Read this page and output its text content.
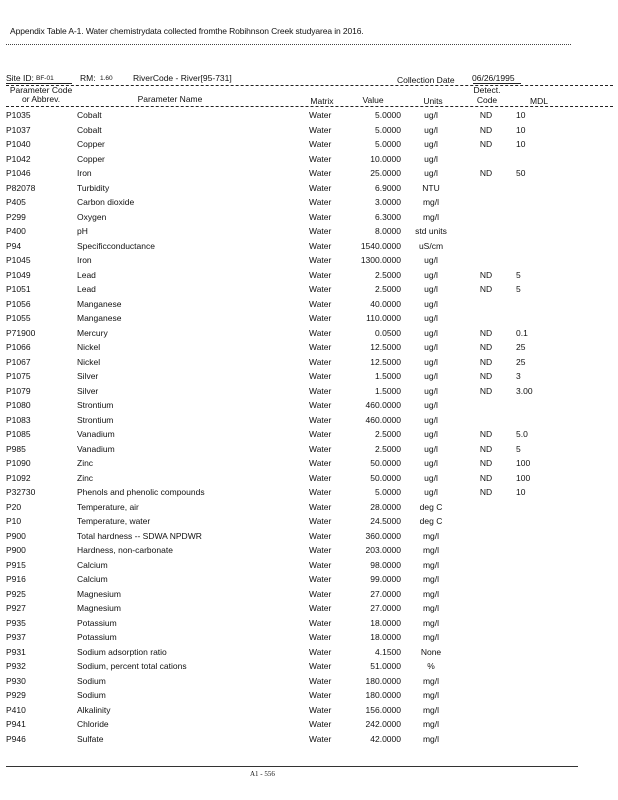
Appendix Table A-1. Water chemistrydata collected fromthe Robihnson Creek studyarea in 2016.
Site ID: BF-01	RM: 1.60 RiverCode - River[95-731]	Collection Date 06/26/1995
Parameter Code
or Abbrev.	Parameter Name	Matrix	Value	Units
Detect.
Code	MDL
P1035	Cobalt	Water	5.0000	ug/l	ND	10
P1037	Cobalt	Water	5.0000	ug/l	ND	10
P1040	Copper	Water	5.0000	ug/l	ND	10
P1042	Copper	Water	10.0000	ug/l
P1046	Iron	Water	25.0000	ug/l	ND	50
P82078	Turbidity	Water	6.9000	NTU
P405	Carbon dioxide	Water	3.0000	mg/l
P299	Oxygen	Water	6.3000	mg/l
P400	pH	Water	8.0000 std units
P94	Specificconductance	Water	1540.0000	uS/cm
P1045	Iron	Water	1300.0000	ug/l
P1049	Lead	Water	2.5000	ug/l	ND	5
P1051	Lead	Water	2.5000	ug/l	ND	5
P1056	Manganese	Water	40.0000	ug/l
P1055	Manganese	Water	110.0000	ug/l
P71900	Mercury	Water	0.0500	ug/l	ND	0.1
P1066	Nickel	Water	12.5000	ug/l	ND	25
P1067	Nickel	Water	12.5000	ug/l	ND	25
P1075	Silver	Water	1.5000	ug/l	ND	3
P1079	Silver	Water	1.5000	ug/l	ND	3.00
P1080	Strontium	Water	460.0000	ug/l
P1083	Strontium	Water	460.0000	ug/l
P1085	Vanadium	Water	2.5000	ug/l	ND	5.0
P985	Vanadium	Water	2.5000	ug/l	ND	5
P1090	Zinc	Water	50.0000	ug/l	ND	100
P1092	Zinc	Water	50.0000	ug/l	ND	100
P32730	Phenols and phenolic compounds	Water	5.0000	ug/l	ND	10
P20	Temperature, air	Water	28.0000	deg C
P10	Temperature, water	Water	24.5000	deg C
P900	Total hardness -- SDWA NPDWR	Water	360.0000	mg/l
P900	Hardness, non-carbonate	Water	203.0000	mg/l
P915	Calcium	Water	98.0000	mg/l
P916	Calcium	Water	99.0000	mg/l
P925	Magnesium	Water	27.0000	mg/l
P927	Magnesium	Water	27.0000	mg/l
P935	Potassium	Water	18.0000	mg/l
P937	Potassium	Water	18.0000	mg/l
P931	Sodium adsorption ratio	Water	4.1500	None
P932	Sodium, percent total cations	Water	51.0000	%
P930	Sodium	Water	180.0000	mg/l
P929	Sodium	Water	180.0000	mg/l
P410	Alkalinity	Water	156.0000	mg/l
P941	Chloride	Water	242.0000	mg/l
P946	Sulfate	Water	42.0000	mg/l
A1 - 556
